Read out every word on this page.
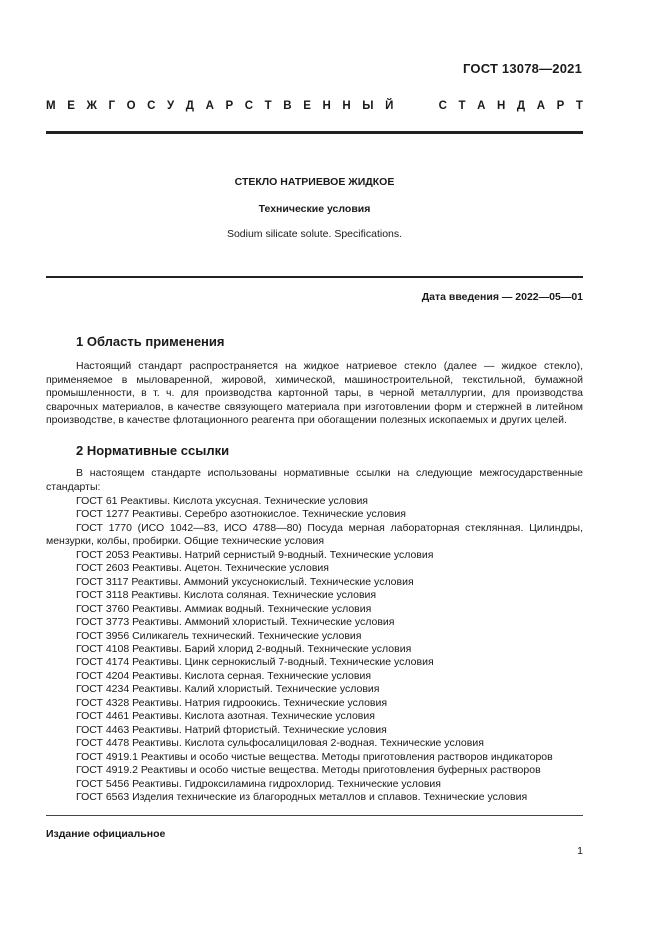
ГОСТ 13078—2021
М Е Ж Г О С У Д А Р С Т В Е Н Н Ы Й	С Т А Н Д А Р Т
СТЕКЛО НАТРИЕВОЕ ЖИДКОЕ
Технические условия
Sodium silicate solute. Specifications.
Дата введения — 2022—05—01
1 Область применения

Настоящий стандарт распространяется на жидкое натриевое стекло (далее — жидкое стекло), применяемое в мыловаренной, жировой, химической, машиностроительной, текстильной, бумажной промышленности, в т. ч. для производства картонной тары, в черной металлургии, для производства сварочных материалов, в качестве связующего материала при изготовлении форм и стержней в литейном производстве, в качестве флотационного реагента при обогащении полезных ископаемых и других целей.

2 Нормативные ссылки

В настоящем стандарте использованы нормативные ссылки на следующие межгосударственные стандарты:

ГОСТ 61 Реактивы. Кислота уксусная. Технические условия
ГОСТ 1277 Реактивы. Серебро азотнокислое. Технические условия
ГОСТ 1770 (ИСО 1042—83, ИСО 4788—80) Посуда мерная лабораторная стеклянная. Цилиндры, мензурки, колбы, пробирки. Общие технические условия
ГОСТ 2053 Реактивы. Натрий сернистый 9-водный. Технические условия
ГОСТ 2603 Реактивы. Ацетон. Технические условия
ГОСТ 3117 Реактивы. Аммоний уксуснокислый. Технические условия
ГОСТ 3118 Реактивы. Кислота соляная. Технические условия
ГОСТ 3760 Реактивы. Аммиак водный. Технические условия
ГОСТ 3773 Реактивы. Аммоний хлористый. Технические условия
ГОСТ 3956 Силикагель технический. Технические условия
ГОСТ 4108 Реактивы. Барий хлорид 2-водный. Технические условия
ГОСТ 4174 Реактивы. Цинк сернокислый 7-водный. Технические условия
ГОСТ 4204 Реактивы. Кислота серная. Технические условия
ГОСТ 4234 Реактивы. Калий хлористый. Технические условия
ГОСТ 4328 Реактивы. Натрия гидроокись. Технические условия
ГОСТ 4461 Реактивы. Кислота азотная. Технические условия
ГОСТ 4463 Реактивы. Натрий фтористый. Технические условия
ГОСТ 4478 Реактивы. Кислота сульфосалициловая 2-водная. Технические условия
ГОСТ 4919.1 Реактивы и особо чистые вещества. Методы приготовления растворов индикаторов
ГОСТ 4919.2 Реактивы и особо чистые вещества. Методы приготовления буферных растворов
ГОСТ 5456 Реактивы. Гидроксиламина гидрохлорид. Технические условия
ГОСТ 6563 Изделия технические из благородных металлов и сплавов. Технические условия
Издание официальное
1
